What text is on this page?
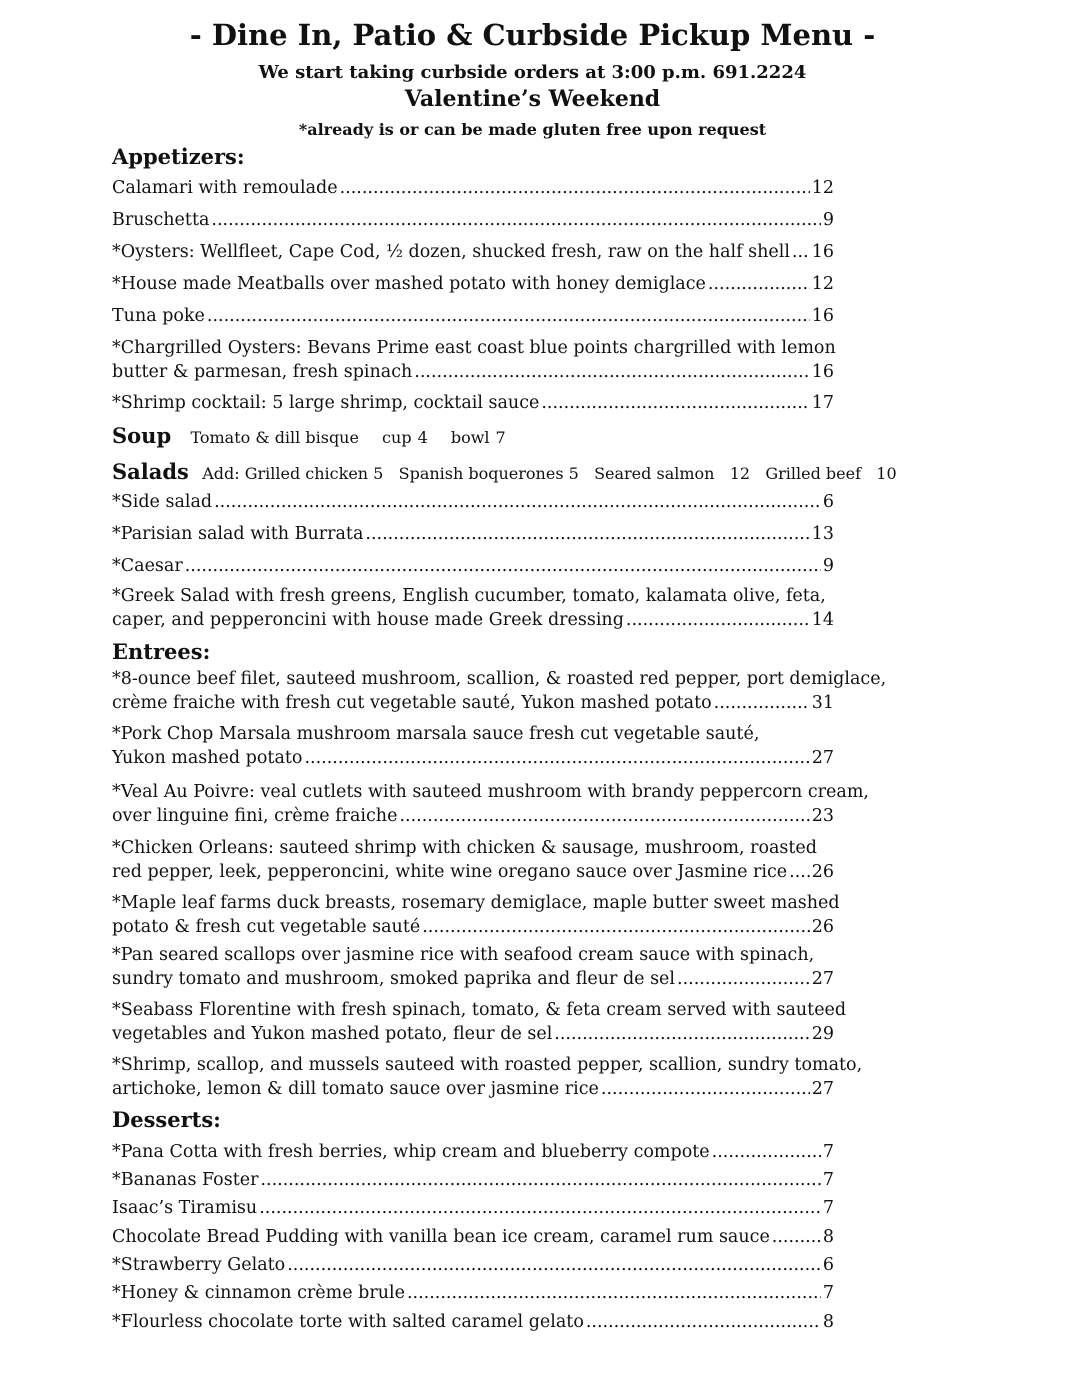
- Dine In, Patio & Curbside Pickup Menu -
We start taking curbside orders at 3:00 p.m. 691.2224
Valentine’s Weekend
*already is or can be made gluten free upon request
Appetizers:
Calamari with remoulade .....	12
Bruschetta .....	9
*Oysters: Wellfleet, Cape Cod, ½ dozen, shucked fresh, raw on the half shell ..... 16
*House made Meatballs over mashed potato with honey demiglace .....	12
Tuna poke .....	16
*Chargrilled Oysters: Bevans Prime east coast blue points chargrilled with lemon
butter & parmesan, fresh spinach .....	16
*Shrimp cocktail: 5 large shrimp, cocktail sauce .....	17
Soup Tomato & dill bisque cup 4 bowl 7
Salads Add: Grilled chicken 5   Spanish boquerones 5   Seared salmon   12   Grilled beef   10
*Side salad .....	6
*Parisian salad with Burrata .....	13
*Caesar .....	9
*Greek Salad with fresh greens, English cucumber, tomato, kalamata olive, feta,
caper, and pepperoncini with house made Greek dressing .....	14
Entrees:
*8-ounce beef filet, sauteed mushroom, scallion, & roasted red pepper, port demiglace,
crème fraiche with fresh cut vegetable sauté, Yukon mashed potato .....	31
*Pork Chop Marsala mushroom marsala sauce fresh cut vegetable sauté,
Yukon mashed potato .....	27
*Veal Au Poivre: veal cutlets with sauteed mushroom with brandy peppercorn cream,
over linguine fini, crème fraiche .....	23
*Chicken Orleans: sauteed shrimp with chicken & sausage, mushroom, roasted
red pepper, leek, pepperoncini, white wine oregano sauce over Jasmine rice ..... 26
*Maple leaf farms duck breasts, rosemary demiglace, maple butter sweet mashed
potato & fresh cut vegetable sauté .....	26
*Pan seared scallops over jasmine rice with seafood cream sauce with spinach,
sundry tomato and mushroom, smoked paprika and fleur de sel .....	27
*Seabass Florentine with fresh spinach, tomato, & feta cream served with sauteed
vegetables and Yukon mashed potato, fleur de sel .....	29
*Shrimp, scallop, and mussels sauteed with roasted pepper, scallion, sundry tomato,
artichoke, lemon & dill tomato sauce over jasmine rice .....	27
Desserts:
*Pana Cotta with fresh berries, whip cream and blueberry compote .....	7
*Bananas Foster .....	7
Isaac’s Tiramisu .....	7
Chocolate Bread Pudding with vanilla bean ice cream, caramel rum sauce .....	8
*Strawberry Gelato .....	6
*Honey & cinnamon crème brule .....	7
*Flourless chocolate torte with salted caramel gelato .....	8
